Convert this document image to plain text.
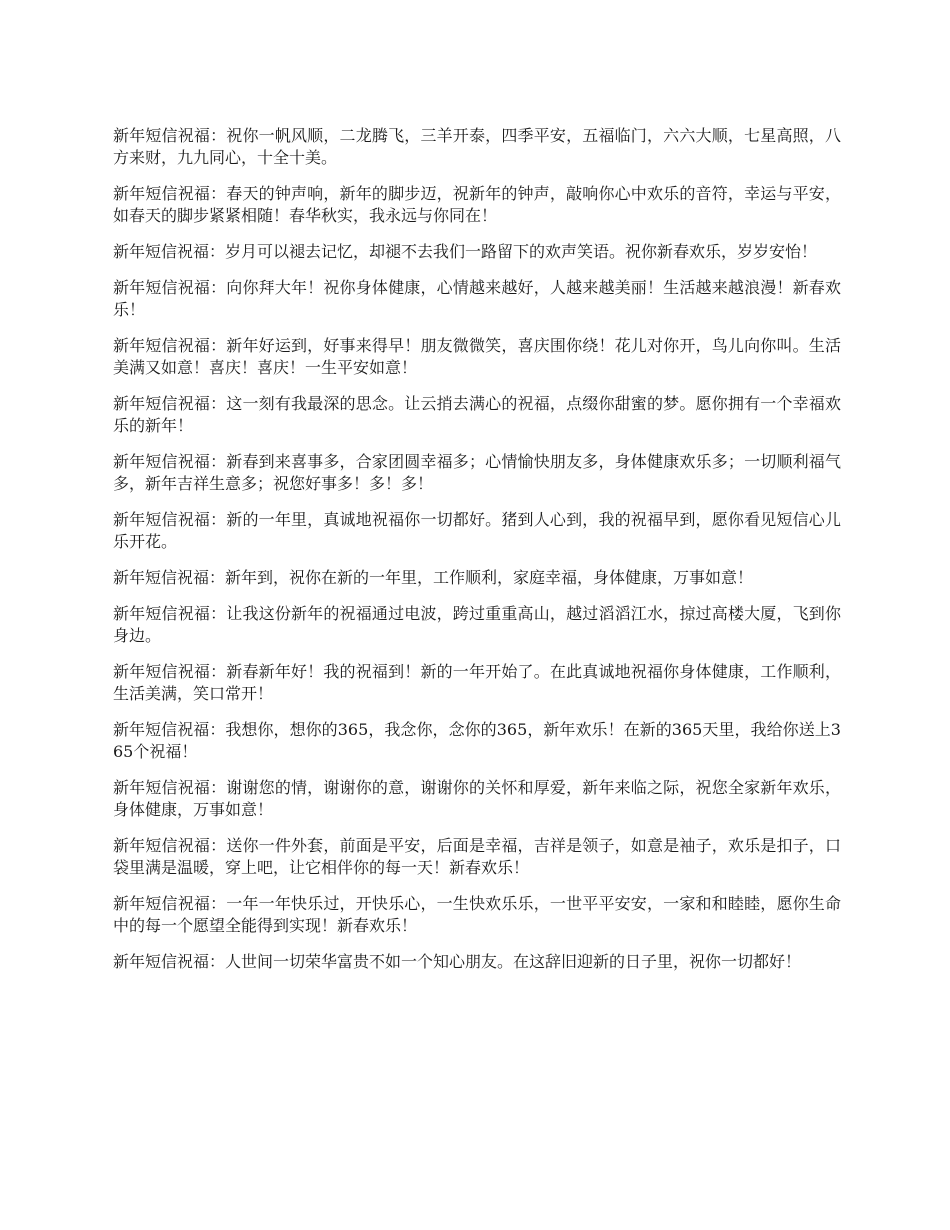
新年短信祝福：祝你一帆风顺，二龙腾飞，三羊开泰，四季平安，五福临门，六六大顺，七星高照，八方来财，九九同心，十全十美。

新年短信祝福：春天的钟声响，新年的脚步迈，祝新年的钟声，敲响你心中欢乐的音符，幸运与平安，如春天的脚步紧紧相随！春华秋实，我永远与你同在！

新年短信祝福：岁月可以褪去记忆，却褪不去我们一路留下的欢声笑语。祝你新春欢乐，岁岁安怡！

新年短信祝福：向你拜大年！祝你身体健康，心情越来越好，人越来越美丽！生活越来越浪漫！新春欢乐！

新年短信祝福：新年好运到，好事来得早！朋友微微笑，喜庆围你绕！花儿对你开，鸟儿向你叫。生活美满又如意！喜庆！喜庆！一生平安如意！

新年短信祝福：这一刻有我最深的思念。让云捎去满心的祝福，点缀你甜蜜的梦。愿你拥有一个幸福欢乐的新年！

新年短信祝福：新春到来喜事多，合家团圆幸福多；心情愉快朋友多，身体健康欢乐多；一切顺利福气多，新年吉祥生意多；祝您好事多！多！多！

新年短信祝福：新的一年里，真诚地祝福你一切都好。猪到人心到，我的祝福早到，愿你看见短信心儿乐开花。

新年短信祝福：新年到，祝你在新的一年里，工作顺利，家庭幸福，身体健康，万事如意！

新年短信祝福：让我这份新年的祝福通过电波，跨过重重高山，越过滔滔江水，掠过高楼大厦，飞到你身边。

新年短信祝福：新春新年好！我的祝福到！新的一年开始了。在此真诚地祝福你身体健康，工作顺利，生活美满，笑口常开！

新年短信祝福：我想你，想你的365，我念你，念你的365，新年欢乐！在新的365天里，我给你送上365个祝福！

新年短信祝福：谢谢您的情，谢谢你的意，谢谢你的关怀和厚爱，新年来临之际，祝您全家新年欢乐，身体健康，万事如意！

新年短信祝福：送你一件外套，前面是平安，后面是幸福，吉祥是领子，如意是袖子，欢乐是扣子，口袋里满是温暖，穿上吧，让它相伴你的每一天！新春欢乐！

新年短信祝福：一年一年快乐过，开快乐心，一生快欢乐乐，一世平平安安，一家和和睦睦，愿你生命中的每一个愿望全能得到实现！新春欢乐！

新年短信祝福：人世间一切荣华富贵不如一个知心朋友。在这辞旧迎新的日子里，祝你一切都好！
